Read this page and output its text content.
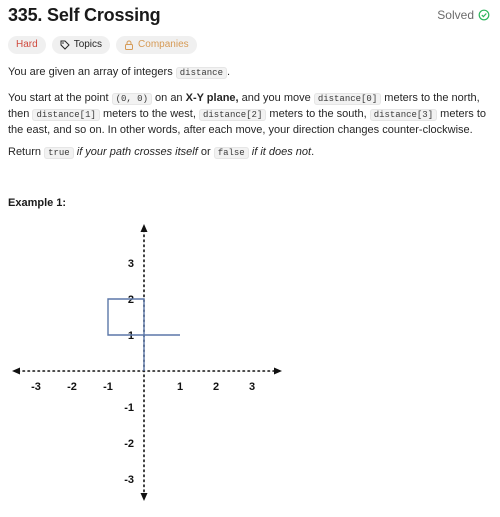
335. Self Crossing	Solved
Hard	Topics	Companies
You are given an array of integers distance .
You start at the point (0, 0) on an X-Y plane, and you move distance[0] meters to the north, then distance[1] meters to the west, distance[2] meters to the south, distance[3] meters to the east, and so on. In other words, after each move, your direction changes counter-clockwise.
Return true if your path crosses itself or false if it does not.
Example 1:
-3 -2 -1	1	2	3
3
2
1
-1
-2
-3
